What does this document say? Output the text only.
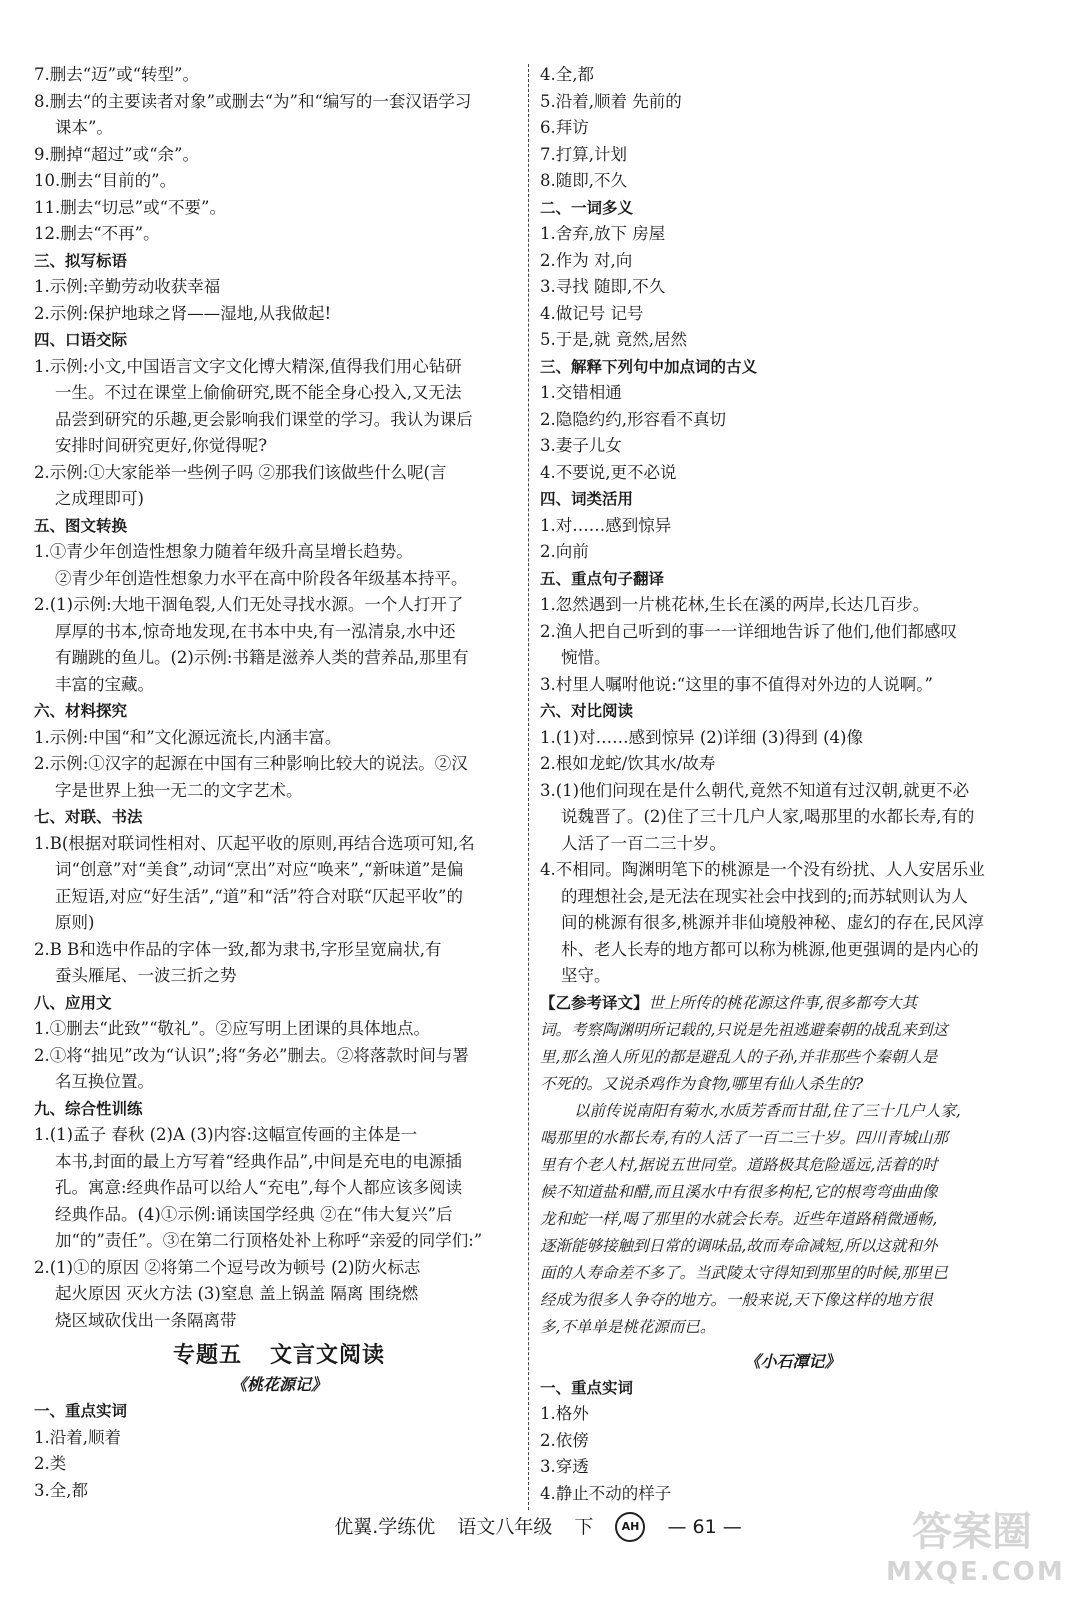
7.删去“迈”或“转型”。

8.删去“的主要读者对象”或删去“为”和“编写的一套汉语学习

课本”。

9.删掉“超过”或“余”。

10.删去“目前的”。

11.删去“切忌”或“不要”。

12.删去“不再”。

三、拟写标语

1.示例:辛勤劳动收获幸福

2.示例:保护地球之肾——湿地,从我做起!

四、口语交际

1.示例:小文,中国语言文字文化博大精深,值得我们用心钻研

一生。不过在课堂上偷偷研究,既不能全身心投入,又无法

品尝到研究的乐趣,更会影响我们课堂的学习。我认为课后

安排时间研究更好,你觉得呢?

2.示例:①大家能举一些例子吗 ②那我们该做些什么呢(言

之成理即可)

五、图文转换

1.①青少年创造性想象力随着年级升高呈增长趋势。

②青少年创造性想象力水平在高中阶段各年级基本持平。

2.(1)示例:大地干涸龟裂,人们无处寻找水源。一个人打开了

厚厚的书本,惊奇地发现,在书本中央,有一泓清泉,水中还

有蹦跳的鱼儿。(2)示例:书籍是滋养人类的营养品,那里有

丰富的宝藏。

六、材料探究

1.示例:中国“和”文化源远流长,内涵丰富。

2.示例:①汉字的起源在中国有三种影响比较大的说法。②汉

字是世界上独一无二的文字艺术。

七、对联、书法

1.B(根据对联词性相对、仄起平收的原则,再结合选项可知,名

词“创意”对“美食”,动词“烹出”对应“唤来”,“新味道”是偏

正短语,对应“好生活”,“道”和“活”符合对联“仄起平收”的

原则)

2.B B和选中作品的字体一致,都为隶书,字形呈宽扁状,有

蚕头雁尾、一波三折之势

八、应用文

1.①删去“此致”“敬礼”。②应写明上团课的具体地点。

2.①将“拙见”改为“认识”;将“务必”删去。②将落款时间与署

名互换位置。

九、综合性训练

1.(1)孟子 春秋 (2)A (3)内容:这幅宣传画的主体是一

本书,封面的最上方写着“经典作品”,中间是充电的电源插

孔。寓意:经典作品可以给人“充电”,每个人都应该多阅读

经典作品。(4)①示例:诵读国学经典 ②在“伟大复兴”后

加“的”责任”。③在第二行顶格处补上称呼“亲爱的同学们:”

2.(1)①的原因 ②将第二个逗号改为顿号 (2)防火标志

起火原因 灭火方法 (3)窒息 盖上锅盖 隔离 围绕燃

烧区域砍伐出一条隔离带

专题五 文言文阅读

《桃花源记》

一、重点实词

1.沿着,顺着

2.类

3.全,都

4.全,都

5.沿着,顺着 先前的

6.拜访

7.打算,计划

8.随即,不久

二、一词多义

1.舍弃,放下 房屋

2.作为 对,向

3.寻找 随即,不久

4.做记号 记号

5.于是,就 竟然,居然

三、解释下列句中加点词的古义

1.交错相通

2.隐隐约约,形容看不真切

3.妻子儿女

4.不要说,更不必说

四、词类活用

1.对……感到惊异

2.向前

五、重点句子翻译

1.忽然遇到一片桃花林,生长在溪的两岸,长达几百步。

2.渔人把自己听到的事一一详细地告诉了他们,他们都感叹

惋惜。

3.村里人嘱咐他说:“这里的事不值得对外边的人说啊。”

六、对比阅读

1.(1)对……感到惊异 (2)详细 (3)得到 (4)像

2.根如龙蛇/饮其水/故寿

3.(1)他们问现在是什么朝代,竟然不知道有过汉朝,就更不必

说魏晋了。(2)住了三十几户人家,喝那里的水都长寿,有的

人活了一百二三十岁。

4.不相同。陶渊明笔下的桃源是一个没有纷扰、人人安居乐业

的理想社会,是无法在现实社会中找到的;而苏轼则认为人

间的桃源有很多,桃源并非仙境般神秘、虚幻的存在,民风淳

朴、老人长寿的地方都可以称为桃源,他更强调的是内心的

坚守。

【乙参考译文】世上所传的桃花源这件事,很多都夸大其

词。考察陶渊明所记载的,只说是先祖逃避秦朝的战乱来到这

里,那么渔人所见的都是避乱人的子孙,并非那些个秦朝人是

不死的。又说杀鸡作为食物,哪里有仙人杀生的?

以前传说南阳有菊水,水质芳香而甘甜,住了三十几户人家,

喝那里的水都长寿,有的人活了一百二三十岁。四川青城山那

里有个老人村,据说五世同堂。道路极其危险遥远,活着的时

候不知道盐和醋,而且溪水中有很多枸杞,它的根弯弯曲曲像

龙和蛇一样,喝了那里的水就会长寿。近些年道路稍微通畅,

逐渐能够接触到日常的调味品,故而寿命减短,所以这就和外

面的人寿命差不多了。当武陵太守得知到那里的时候,那里已

经成为很多人争夺的地方。一般来说,天下像这样的地方很

多,不单单是桃花源而已。

《小石潭记》

一、重点实词

1.格外

2.依傍

3.穿透

4.静止不动的样子

优翼.学练优 语文八年级 下	AH — 61 —	答案圈
MXQE.COM
